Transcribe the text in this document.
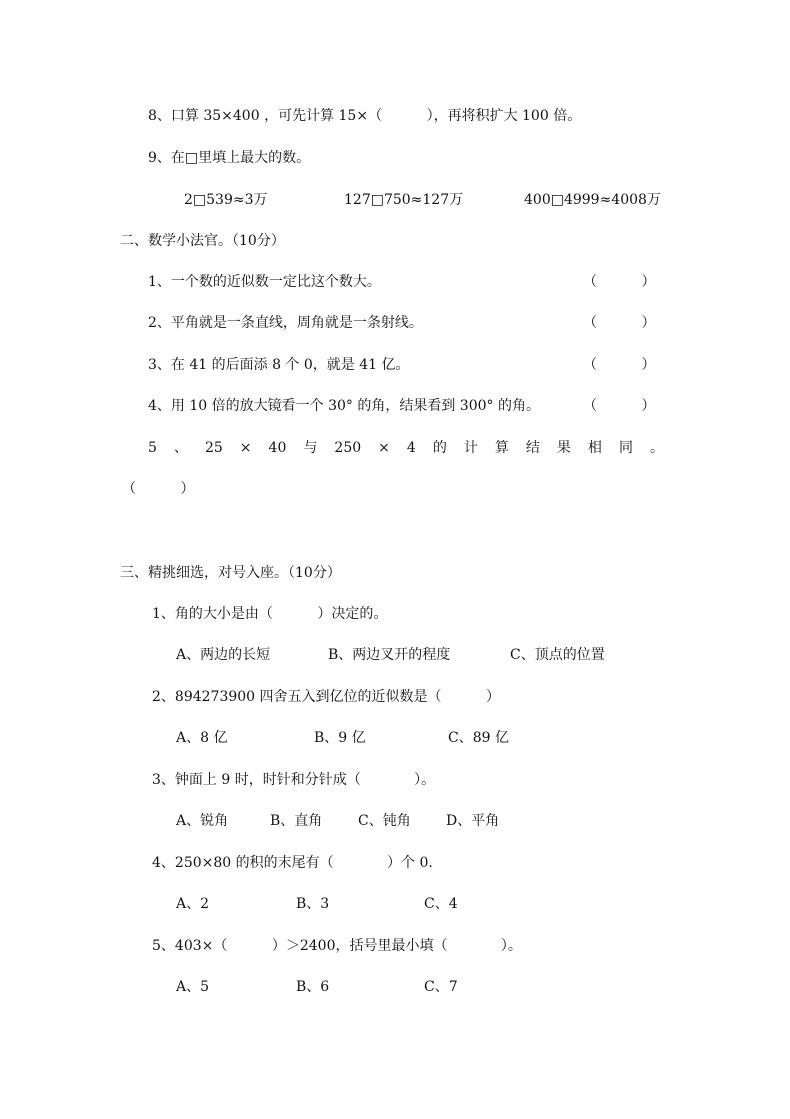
8、口算 35×400 ，可先计算 15×（          ），再将积扩大 100 倍。
9、在□里填上最大的数。
2□539≈3万	127□750≈127万	400□4999≈4008万
二、数学小法官。（10分）
1、一个数的近似数一定比这个数大。	（          ）
2、平角就是一条直线，周角就是一条射线。	（          ）
3、在 41 的后面添 8 个 0，就是 41 亿。	（          ）
4、用 10 倍的放大镜看一个 30° 的角，结果看到 300° 的角。	（          ）
5 、 25 × 40 与 250 × 4 的 计 算 结 果 相 同 。
（          ）
三、精挑细选，对号入座。（10分）
1、角的大小是由（          ）决定的。
A、两边的长短	B、两边叉开的程度	C、顶点的位置
2、894273900 四舍五入到亿位的近似数是（          ）
A、8 亿	B、9 亿	C、89 亿
3、钟面上 9 时，时针和分针成（            ）。
A、锐角	B、直角	C、钝角	D、平角
4、250×80 的积的末尾有（            ）个 0.
A、2	B、3	C、4
5、403×（          ）＞2400，括号里最小填（            ）。
A、5	B、6	C、7
